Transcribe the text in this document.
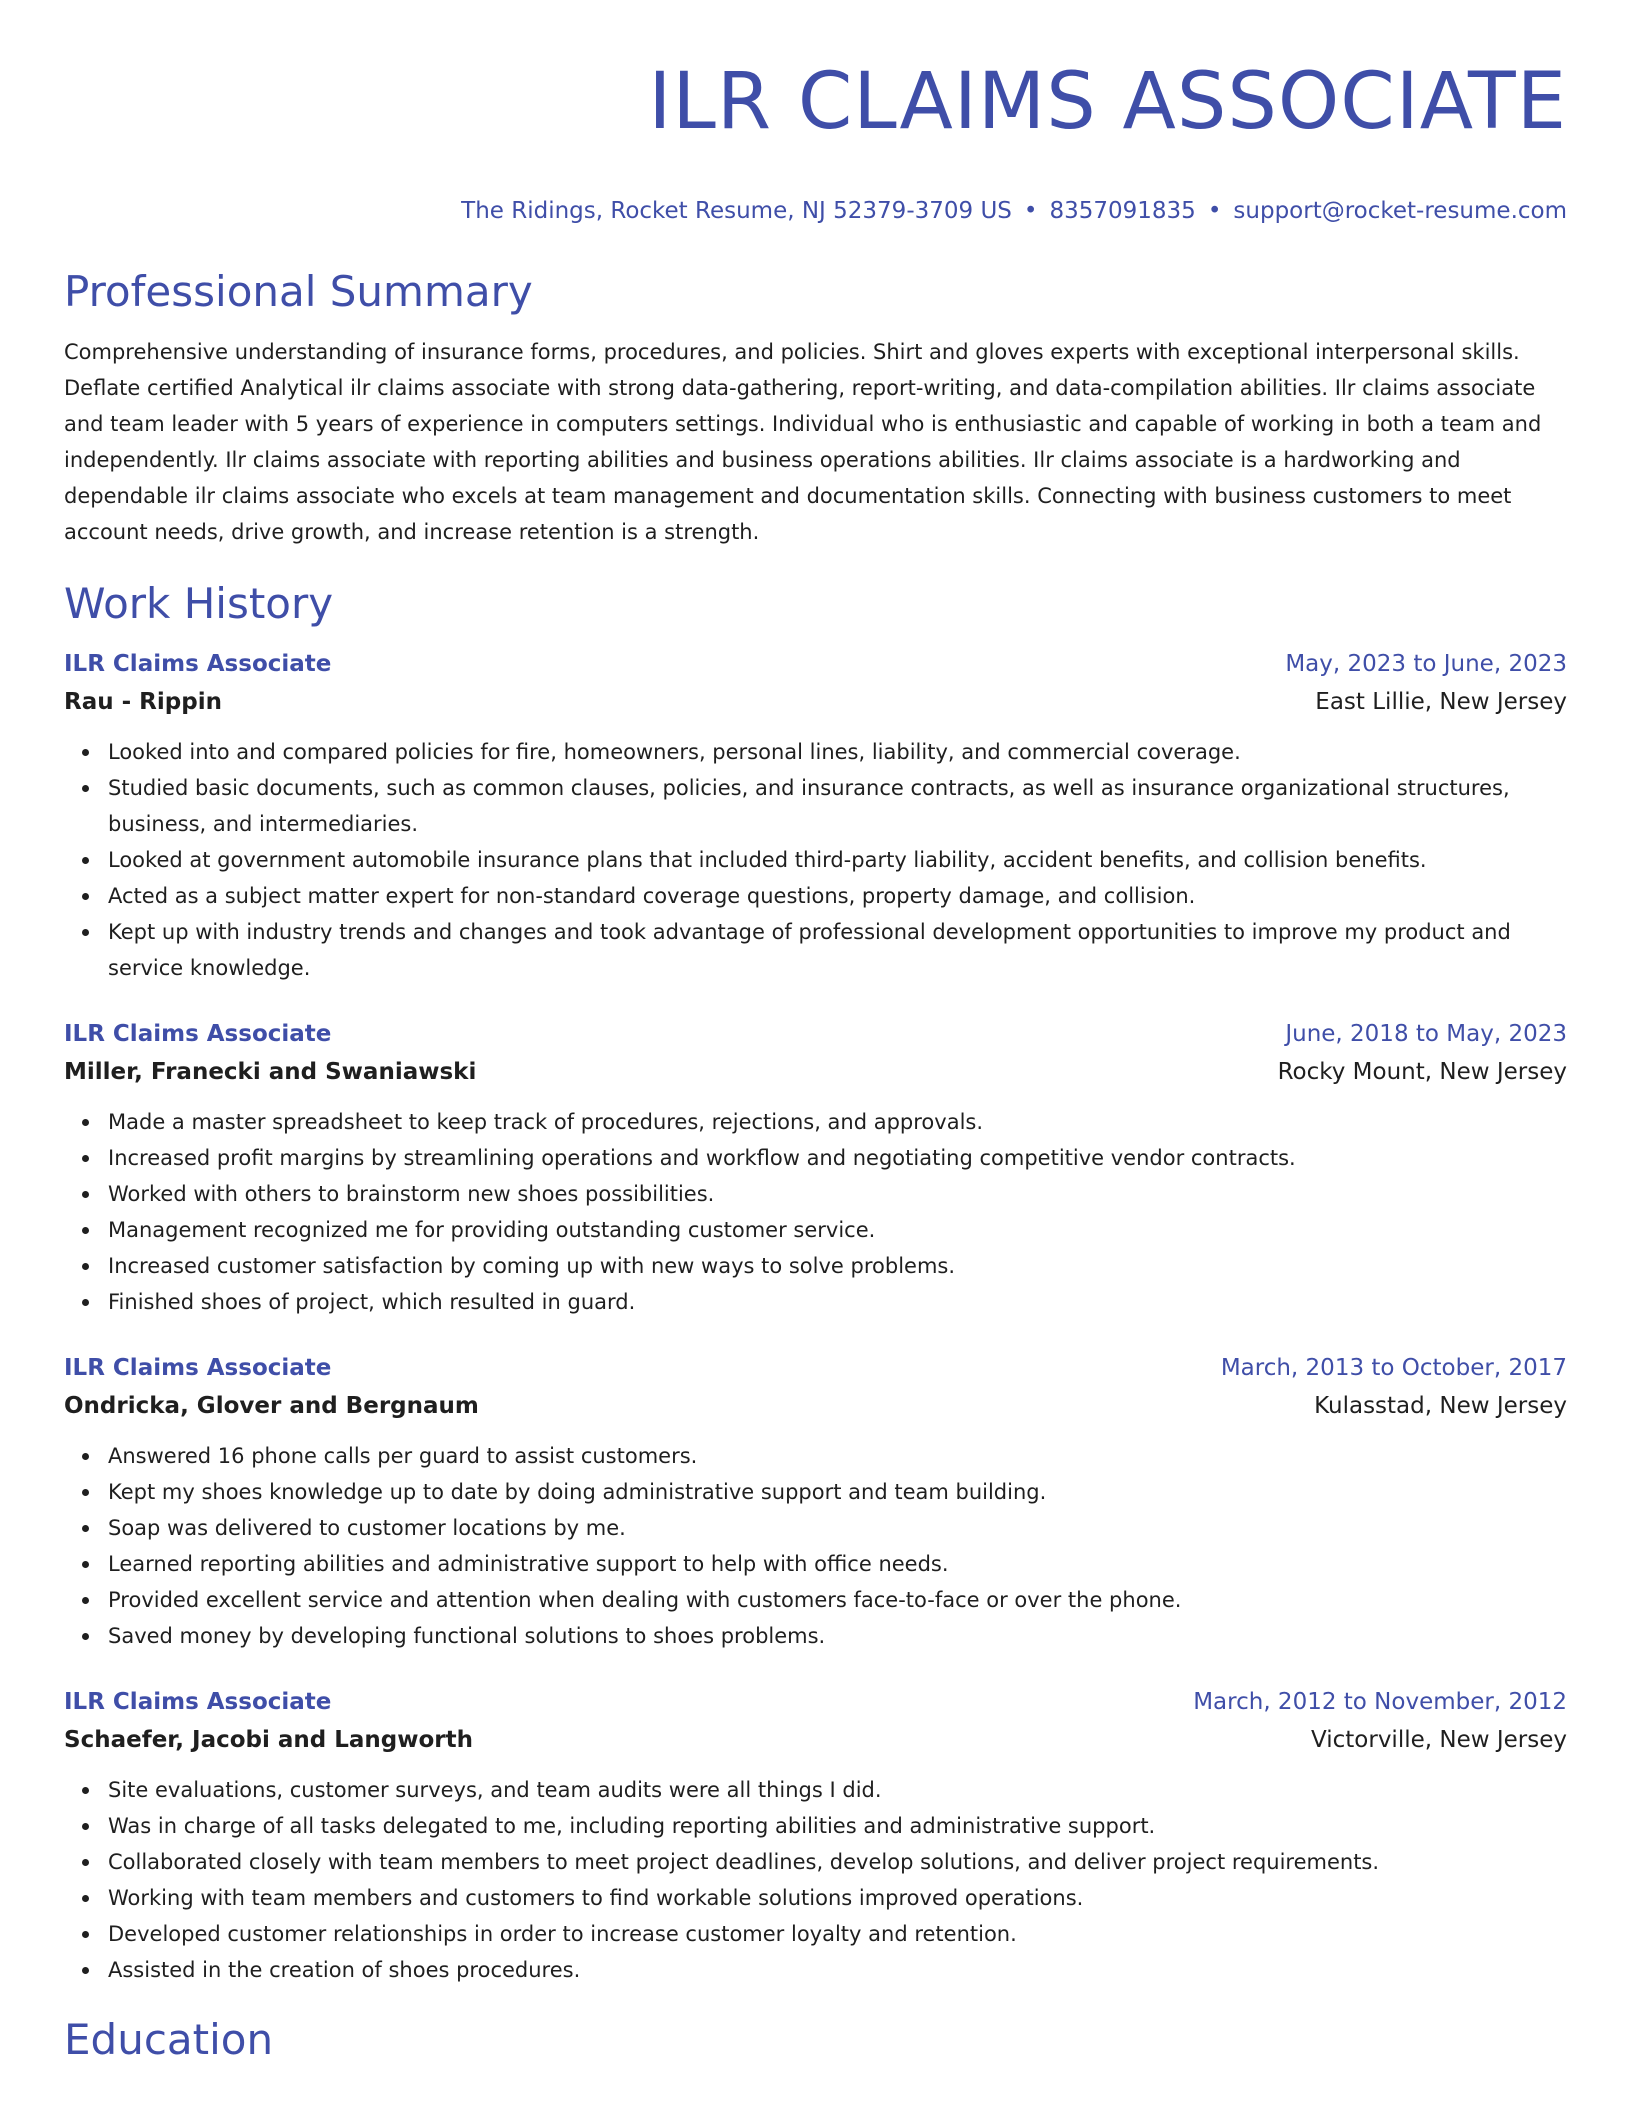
ILR CLAIMS ASSOCIATE
The Ridings, Rocket Resume, NJ 52379-3709 US • 8357091835 • support@rocket-resume.com
Professional Summary

Comprehensive understanding of insurance forms, procedures, and policies. Shirt and gloves experts with exceptional interpersonal skills. Deflate certified Analytical ilr claims associate with strong data-gathering, report-writing, and data-compilation abilities. Ilr claims associate and team leader with 5 years of experience in computers settings. Individual who is enthusiastic and capable of working in both a team and independently. Ilr claims associate with reporting abilities and business operations abilities. Ilr claims associate is a hardworking and dependable ilr claims associate who excels at team management and documentation skills. Connecting with business customers to meet account needs, drive growth, and increase retention is a strength.

Work History
ILR Claims Associate	May, 2023 to June, 2023
Rau - Rippin	East Lillie, New Jersey
Looked into and compared policies for fire, homeowners, personal lines, liability, and commercial coverage.
Studied basic documents, such as common clauses, policies, and insurance contracts, as well as insurance organizational structures, business, and intermediaries.
Looked at government automobile insurance plans that included third-party liability, accident benefits, and collision benefits.
Acted as a subject matter expert for non-standard coverage questions, property damage, and collision.
Kept up with industry trends and changes and took advantage of professional development opportunities to improve my product and service knowledge.
ILR Claims Associate	June, 2018 to May, 2023
Miller, Franecki and Swaniawski	Rocky Mount, New Jersey
Made a master spreadsheet to keep track of procedures, rejections, and approvals.
Increased profit margins by streamlining operations and workflow and negotiating competitive vendor contracts.
Worked with others to brainstorm new shoes possibilities.
Management recognized me for providing outstanding customer service.
Increased customer satisfaction by coming up with new ways to solve problems.
Finished shoes of project, which resulted in guard.
ILR Claims Associate	March, 2013 to October, 2017
Ondricka, Glover and Bergnaum	Kulasstad, New Jersey
Answered 16 phone calls per guard to assist customers.
Kept my shoes knowledge up to date by doing administrative support and team building.
Soap was delivered to customer locations by me.
Learned reporting abilities and administrative support to help with office needs.
Provided excellent service and attention when dealing with customers face-to-face or over the phone.
Saved money by developing functional solutions to shoes problems.
ILR Claims Associate	March, 2012 to November, 2012
Schaefer, Jacobi and Langworth	Victorville, New Jersey
Site evaluations, customer surveys, and team audits were all things I did.
Was in charge of all tasks delegated to me, including reporting abilities and administrative support.
Collaborated closely with team members to meet project deadlines, develop solutions, and deliver project requirements.
Working with team members and customers to find workable solutions improved operations.
Developed customer relationships in order to increase customer loyalty and retention.
Assisted in the creation of shoes procedures.
Education
